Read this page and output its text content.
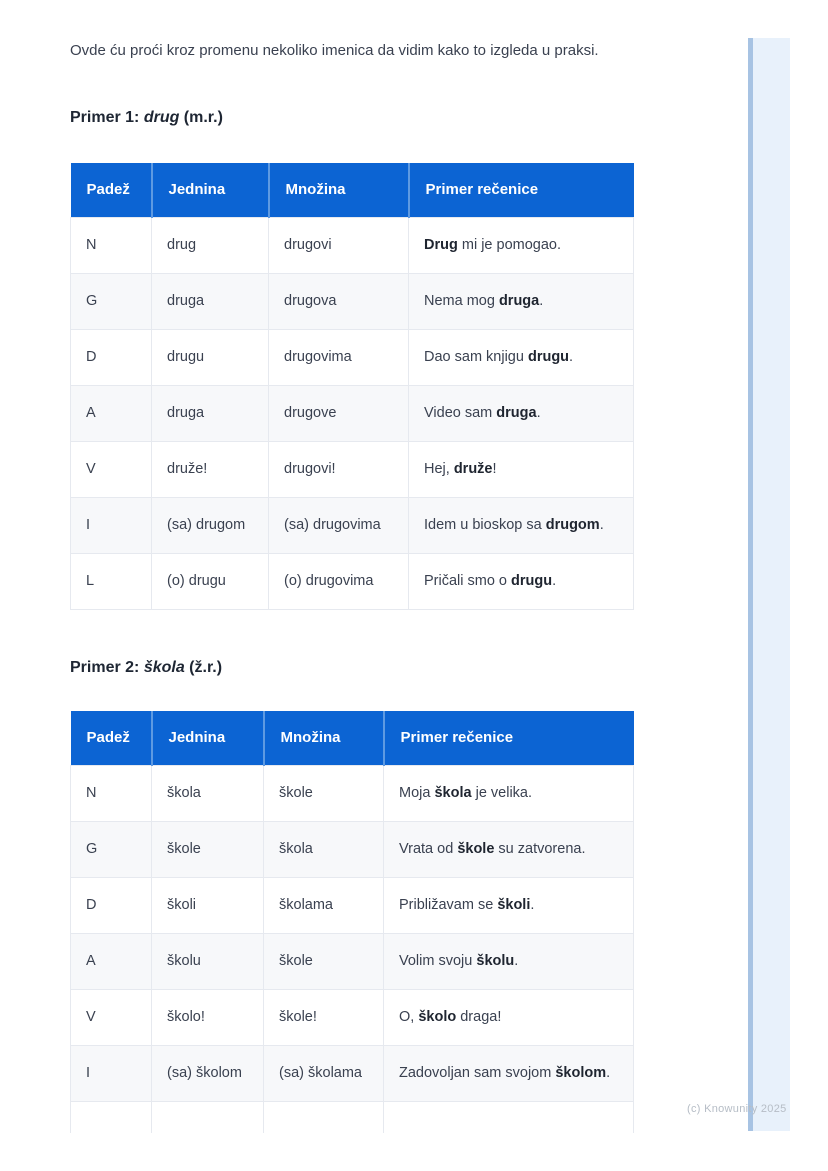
Ovde ću proći kroz promenu nekoliko imenica da vidim kako to izgleda u praksi.

Primer 1: drug (m.r.)
Padež	Jednina	Množina	Primer rečenice
N	drug	drugovi	Drug mi je pomogao.
G	druga	drugova	Nema mog druga.
D	drugu	drugovima	Dao sam knjigu drugu.
A	druga	drugove	Video sam druga.
V	druže!	drugovi!	Hej, druže!
I	(sa) drugom	(sa) drugovima	Idem u bioskop sa drugom.
L	(o) drugu	(o) drugovima	Pričali smo o drugu.
Primer 2: škola (ž.r.)
Padež	Jednina	Množina	Primer rečenice
N	škola	škole	Moja škola je velika.
G	škole	škola	Vrata od škole su zatvorena.
D	školi	školama	Približavam se školi.
A	školu	škole	Volim svoju školu.
V	školo!	škole!	O, školo draga!
I	(sa) školom	(sa) školama	Zadovoljan sam svojom školom.

(c) Knowunity 2025
